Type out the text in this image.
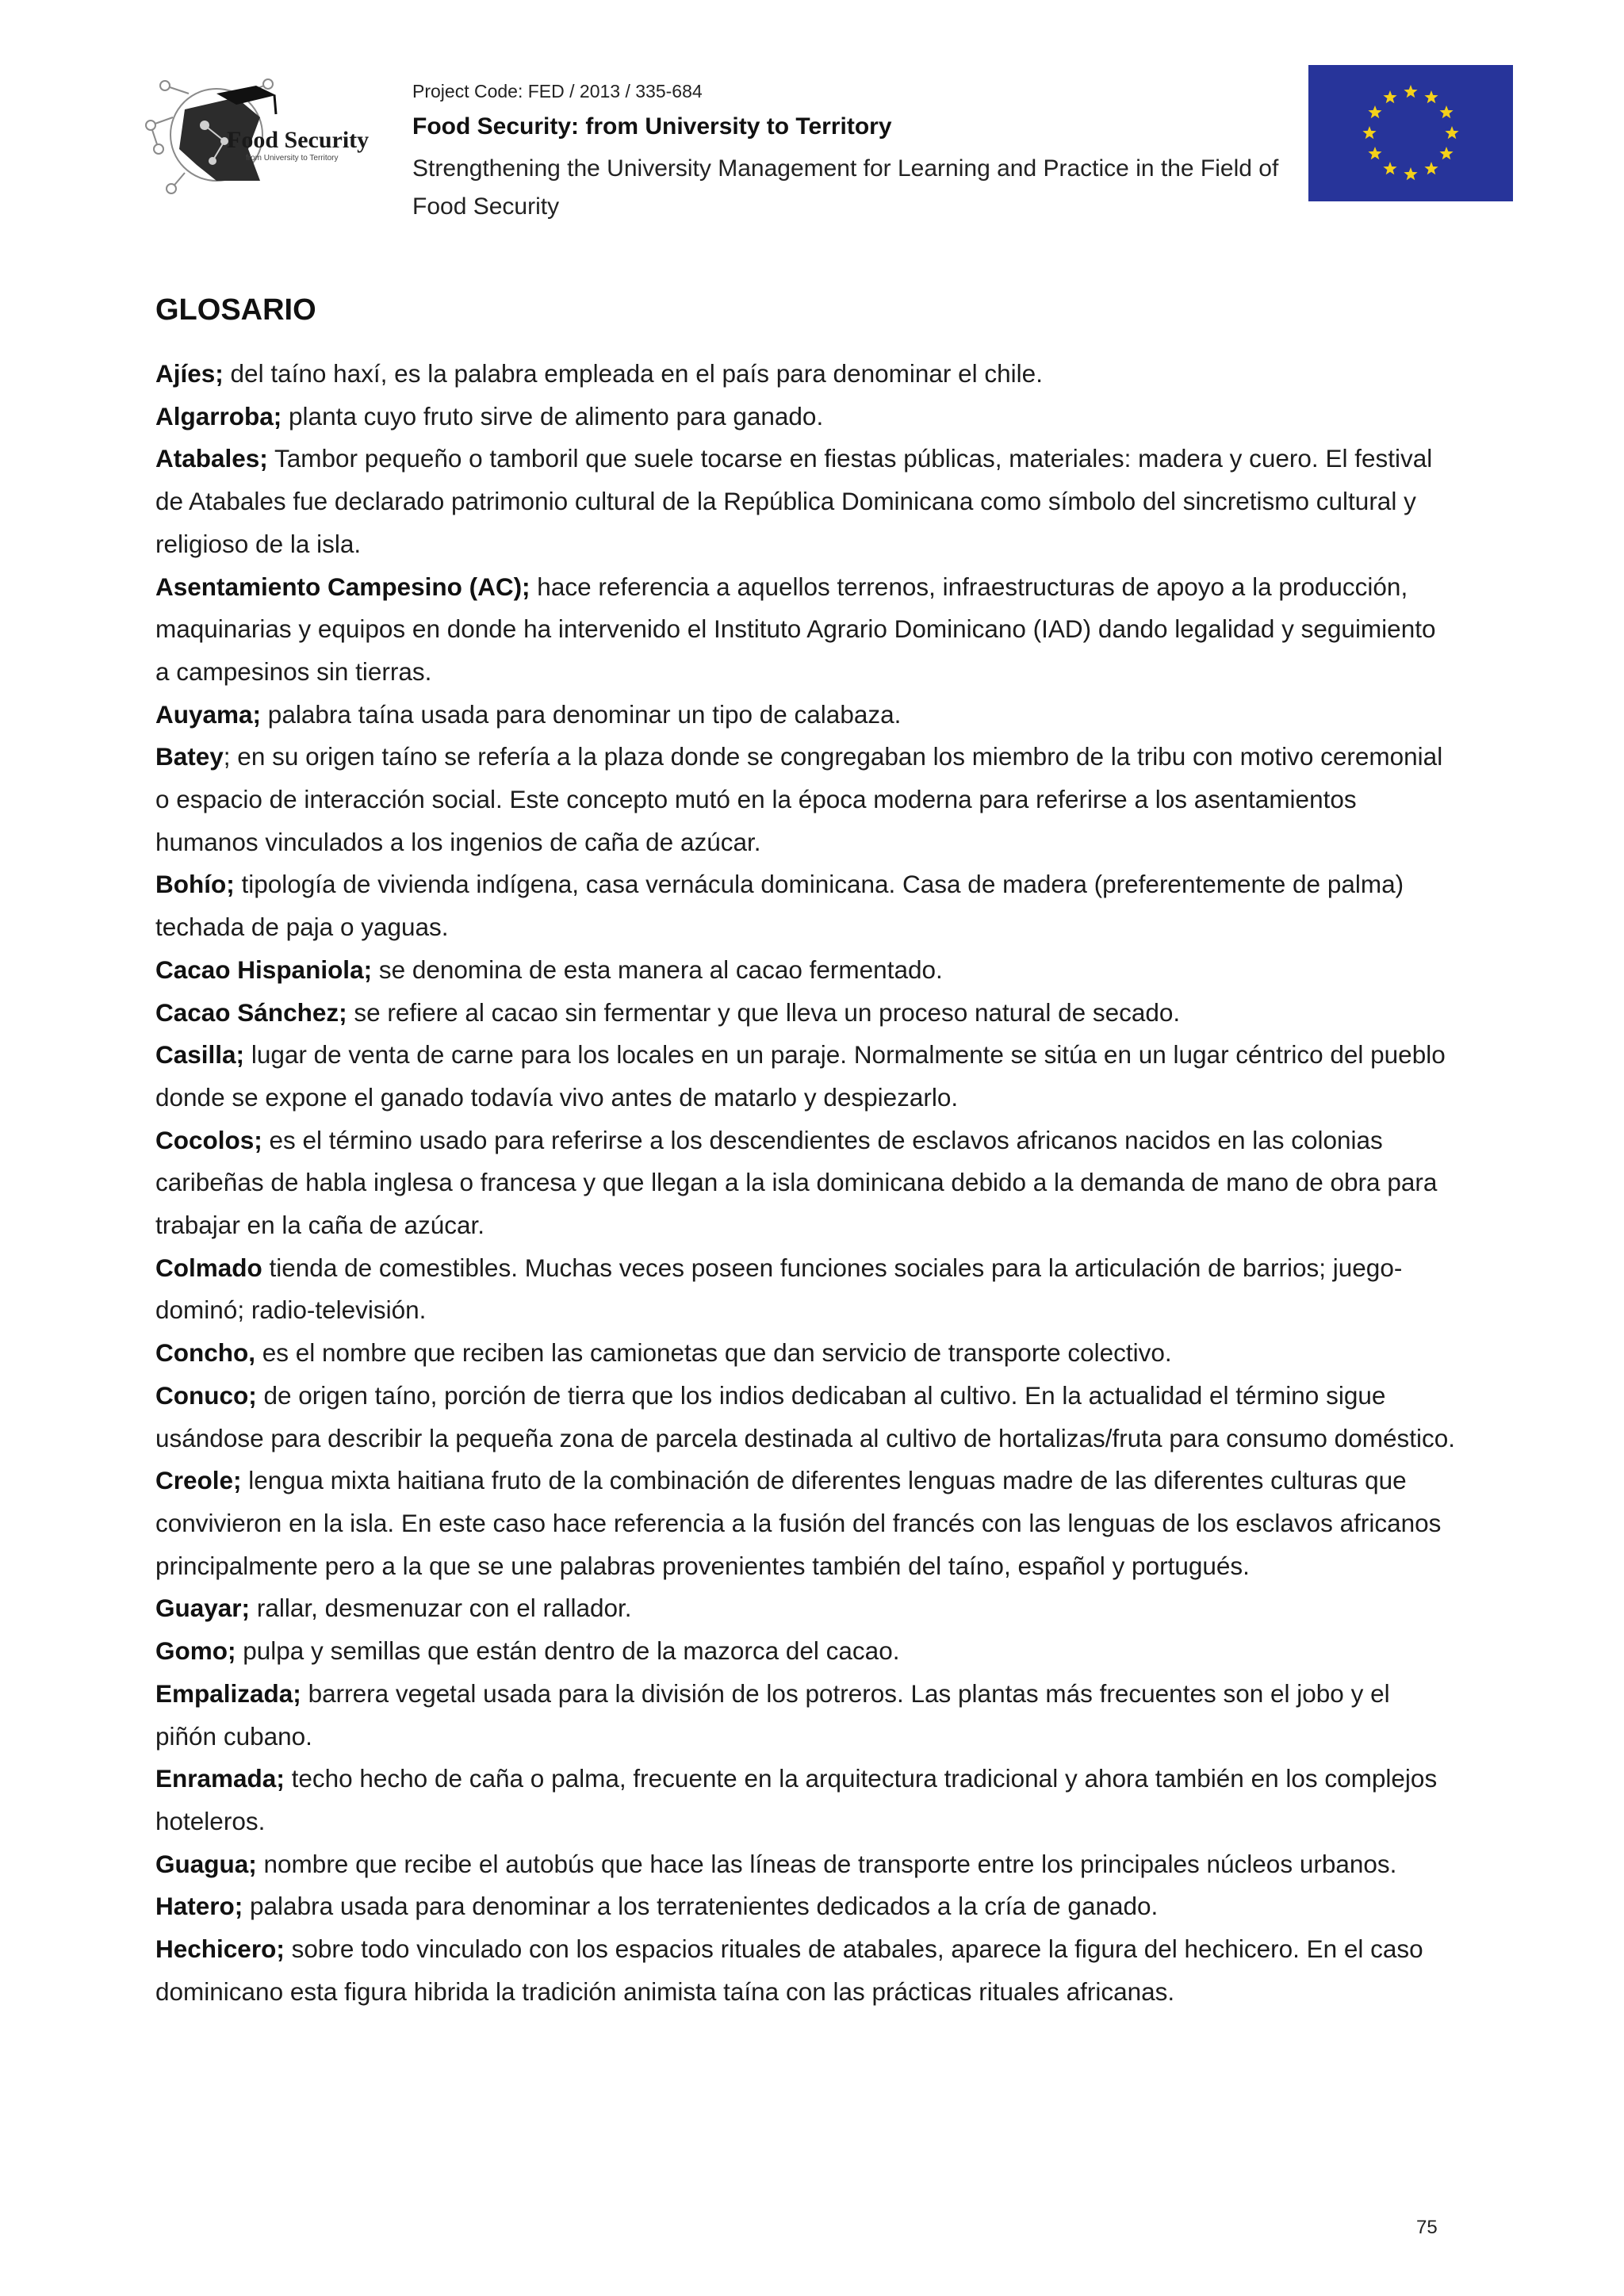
Food Security
from University to Territory
Project Code: FED / 2013 / 335-684
Food Security: from University to Territory
Strengthening the University Management for Learning and Practice in the Field of Food Security
GLOSARIO

Ajíes; del taíno haxí, es la palabra empleada en el país para denominar el chile.

Algarroba; planta cuyo fruto sirve de alimento para ganado.

Atabales; Tambor pequeño o tamboril que suele tocarse en fiestas públicas, materiales: madera y cuero. El festival de Atabales fue declarado patrimonio cultural de la República Dominicana como símbolo del sincretismo cultural y religioso de la isla.

Asentamiento Campesino (AC); hace referencia a aquellos terrenos, infraestructuras de apoyo a la producción, maquinarias y equipos en donde ha intervenido el Instituto Agrario Dominicano (IAD) dando legalidad y seguimiento a campesinos sin tierras.

Auyama; palabra taína usada para denominar un tipo de calabaza.

Batey; en su origen taíno se refería a la plaza donde se congregaban los miembro de la tribu con motivo ceremonial o espacio de interacción social. Este concepto mutó en la época moderna para referirse a los asentamientos humanos vinculados a los ingenios de caña de azúcar.

Bohío; tipología de vivienda indígena, casa vernácula dominicana. Casa de madera (preferentemente de palma) techada de paja o yaguas.

Cacao Hispaniola; se denomina de esta manera al cacao fermentado.

Cacao Sánchez; se refiere al cacao sin fermentar y que lleva un proceso natural de secado.

Casilla; lugar de venta de carne para los locales en un paraje. Normalmente se sitúa en un lugar céntrico del pueblo donde se expone el ganado todavía vivo antes de matarlo y despiezarlo.

Cocolos; es el término usado para referirse a los descendientes de esclavos africanos nacidos en las colonias caribeñas de habla inglesa o francesa y que llegan a la isla dominicana debido a la demanda de mano de obra para trabajar en la caña de azúcar.

Colmado tienda de comestibles. Muchas veces poseen funciones sociales para la articulación de barrios; juego-dominó; radio-televisión.

Concho, es el nombre que reciben las camionetas que dan servicio de transporte colectivo.

Conuco; de origen taíno, porción de tierra que los indios dedicaban al cultivo. En la actualidad el término sigue usándose para describir la pequeña zona de parcela destinada al cultivo de hortalizas/fruta para consumo doméstico.

Creole; lengua mixta haitiana fruto de la combinación de diferentes lenguas madre de las diferentes culturas que convivieron en la isla. En este caso hace referencia a la fusión del francés con las lenguas de los esclavos africanos principalmente pero a la que se une palabras provenientes también del taíno, español y portugués.

Guayar; rallar, desmenuzar con el rallador.

Gomo; pulpa y semillas que están dentro de la mazorca del cacao.

Empalizada; barrera vegetal usada para la división de los potreros. Las plantas más frecuentes son el jobo y el piñón cubano.

Enramada; techo hecho de caña o palma, frecuente en la arquitectura tradicional y ahora también en los complejos hoteleros.

Guagua; nombre que recibe el autobús que hace las líneas de transporte entre los principales núcleos urbanos.

Hatero; palabra usada para denominar a los terratenientes dedicados a la cría de ganado.

Hechicero; sobre todo vinculado con los espacios rituales de atabales, aparece la figura del hechicero. En el caso dominicano esta figura hibrida la tradición animista taína con las prácticas rituales africanas.

75
